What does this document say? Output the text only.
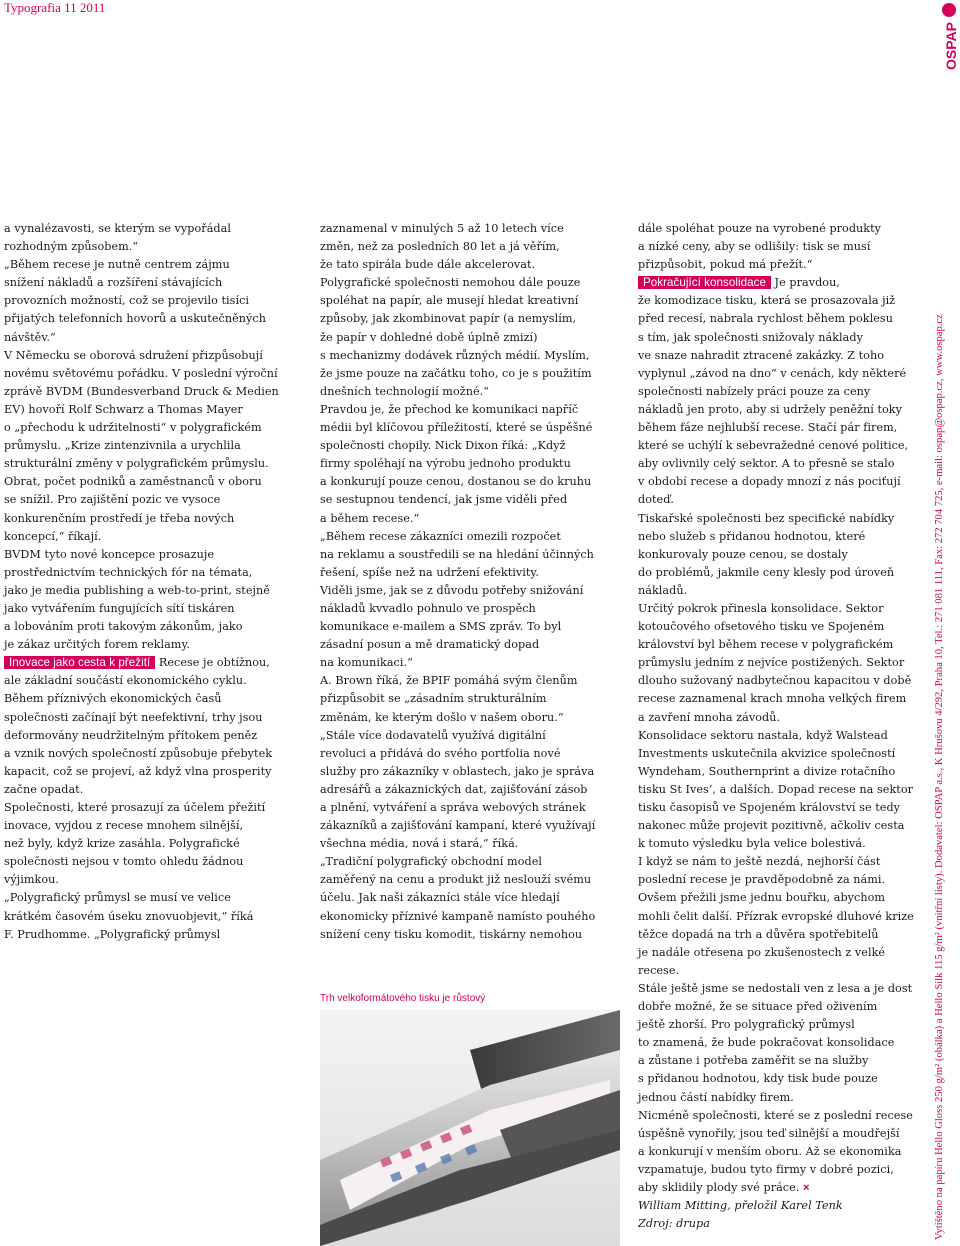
Typografia 11 2011

a vynalézavosti, se kterým se vypořádal

rozhodným způsobem.“

„Během recese je nutně centrem zájmu

snížení nákladů a rozšíření stávajících

provozních možností, což se projevilo tisíci

přijatých telefonních hovorů a uskutečněných

návštěv.“

V Německu se oborová sdružení přizpůsobují

novému světovému pořádku. V poslední výroční

zprávě BVDM (Bundesverband Druck & Medien

EV) hovoří Rolf Schwarz a Thomas Mayer

o „přechodu k udržitelnosti“ v polygrafickém

průmyslu. „Krize zintenzivnila a urychlila

strukturální změny v polygrafickém průmyslu.

Obrat, počet podniků a zaměstnanců v oboru

se snížil. Pro zajištění pozic ve vysoce

konkurenčním prostředí je třeba nových

koncepcí,“ říkají.

BVDM tyto nové koncepce prosazuje

prostřednictvím technických fór na témata,

jako je media publishing a web-to-print, stejně

jako vytvářením fungujících sítí tiskáren

a lobováním proti takovým zákonům, jako

je zákaz určitých forem reklamy.

Inovace jako cesta k přežití Recese je obtížnou,

ale základní součástí ekonomického cyklu.

Během příznivých ekonomických časů

společnosti začínají být neefektivní, trhy jsou

deformovány neudržitelným přítokem peněz

a vznik nových společností způsobuje přebytek

kapacit, což se projeví, až když vlna prosperity

začne opadat.

Společnosti, které prosazují za účelem přežití

inovace, vyjdou z recese mnohem silnější,

než byly, když krize zasáhla. Polygrafické

společnosti nejsou v tomto ohledu žádnou

výjimkou.

„Polygrafický průmysl se musí ve velice

krátkém časovém úseku znovuobjevit,“ říká

F. Prudhomme. „Polygrafický průmysl

zaznamenal v minulých 5 až 10 letech více

změn, než za posledních 80 let a já věřím,

že tato spirála bude dále akcelerovat.

Polygrafické společnosti nemohou dále pouze

spoléhat na papír, ale musejí hledat kreativní

způsoby, jak zkombinovat papír (a nemyslím,

že papír v dohledné době úplně zmizí)

s mechanizmy dodávek různých médií. Myslím,

že jsme pouze na začátku toho, co je s použitím

dnešních technologií možné.“

Pravdou je, že přechod ke komunikaci napříč

médii byl klíčovou příležitostí, které se úspěšné

společnosti chopily. Nick Dixon říká: „Když

firmy spoléhají na výrobu jednoho produktu

a konkurují pouze cenou, dostanou se do kruhu

se sestupnou tendencí, jak jsme viděli před

a během recese.“

„Během recese zákazníci omezili rozpočet

na reklamu a soustředili se na hledání účinných

řešení, spíše než na udržení efektivity.

Viděli jsme, jak se z důvodu potřeby snižování

nákladů kvvadlo pohnulo ve prospěch

komunikace e-mailem a SMS zpráv. To byl

zásadní posun a mě dramatický dopad

na komunikaci.“

A. Brown říká, že BPIF pomáhá svým členům

přizpůsobit se „zásadním strukturálním

změnám, ke kterým došlo v našem oboru.“

„Stále více dodavatelů využívá digitální

revoluci a přidává do svého portfolia nové

služby pro zákazníky v oblastech, jako je správa

adresářů a zákaznických dat, zajišťování zásob

a plnění, vytváření a správa webových stránek

zákazníků a zajišťování kampaní, které využívají

všechna média, nová i stará,“ říká.

„Tradiční polygrafický obchodní model

zaměřený na cenu a produkt již neslouží svému

účelu. Jak naši zákazníci stále více hledají

ekonomicky příznivé kampaně namísto pouhého

snížení ceny tisku komodit, tiskárny nemohou

dále spoléhat pouze na vyrobené produkty

a nízké ceny, aby se odlišily: tisk se musí

přizpůsobit, pokud má přežít.“

Pokračující konsolidace Je pravdou,

že komodizace tisku, která se prosazovala již

před recesí, nabrala rychlost během poklesu

s tím, jak společnosti snižovaly náklady

ve snaze nahradit ztracené zakázky. Z toho

vyplynul „závod na dno“ v cenách, kdy některé

společnosti nabízely práci pouze za ceny

nákladů jen proto, aby si udržely peněžní toky

během fáze nejhlubší recese. Stačí pár firem,

které se uchýlí k sebevražedné cenové politice,

aby ovlivnily celý sektor. A to přesně se stalo

v období recese a dopady mnozí z nás pociťují

doteď.

Tiskařské společnosti bez specifické nabídky

nebo služeb s přidanou hodnotou, které

konkurovaly pouze cenou, se dostaly

do problémů, jakmile ceny klesly pod úroveň

nákladů.

Určitý pokrok přinesla konsolidace. Sektor

kotoučového ofsetového tisku ve Spojeném

království byl během recese v polygrafickém

průmyslu jedním z nejvíce postižených. Sektor

dlouho sužovaný nadbytečnou kapacitou v době

recese zaznamenal krach mnoha velkých firem

a zavření mnoha závodů.

Konsolidace sektoru nastala, když Walstead

Investments uskutečnila akvizice společností

Wyndeham, Southernprint a divize rotačního

tisku St Ives’, a dalších. Dopad recese na sektor

tisku časopisů ve Spojeném království se tedy

nakonec může projevit pozitivně, ačkoliv cesta

k tomuto výsledku byla velice bolestivá.

I když se nám to ještě nezdá, nejhorší část

poslední recese je pravděpodobně za námi.

Ovšem přežili jsme jednu bouřku, abychom

mohli čelit další. Přízrak evropské dluhové krize

těžce dopadá na trh a důvěra spotřebitelů

je nadále otřesena po zkušenostech z velké

recese.

Stále ještě jsme se nedostali ven z lesa a je dost

dobře možné, že se situace před oživením

ještě zhorší. Pro polygrafický průmysl

to znamená, že bude pokračovat konsolidace

a zůstane i potřeba zaměřit se na služby

s přidanou hodnotou, kdy tisk bude pouze

jednou částí nabídky firem.

Nicméně společnosti, které se z poslední recese

úspěšně vynořily, jsou teď silnější a moudřejší

a konkurují v menším oboru. Až se ekonomika

vzpamatuje, budou tyto firmy v dobré pozici,

aby sklidily plody své práce. ×

William Mitting, přeložil Karel Tenk

Zdroj: drupa

Trh velkoformátového tisku je růstový
OSPAP
Vytištěno na papíru Hello Gloss 250 g/m² (obálka) a Hello Silk 115 g/m² (vnitřní listy). Dodavatel: OSPAP a.s., K Hrušovu 4/292, Praha 10, Tel.: 271 081 111, Fax: 272 704 725, e-mail: ospap@ospap.cz, www.ospap.cz
